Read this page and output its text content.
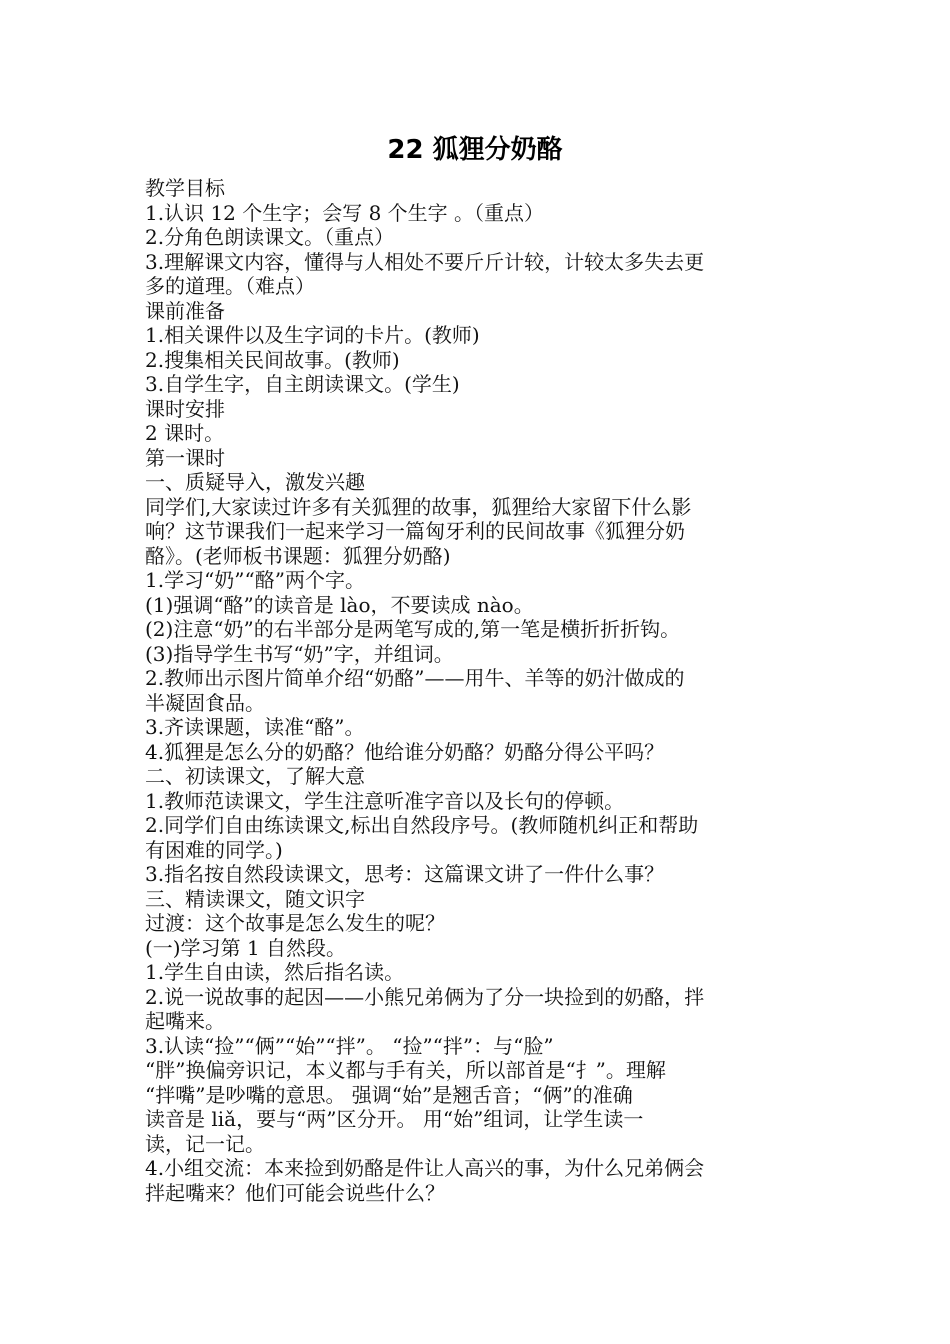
22 狐狸分奶酪
教学目标
1.认识 12 个生字；会写 8 个生字 。（重点）
2.分角色朗读课文。（重点）
3.理解课文内容，懂得与人相处不要斤斤计较，计较太多失去更
多的道理。（难点）
课前准备
1.相关课件以及生字词的卡片。(教师)
2.搜集相关民间故事。(教师)
3.自学生字，自主朗读课文。(学生)
课时安排
2 课时。
第一课时
一、质疑导入，激发兴趣
同学们,大家读过许多有关狐狸的故事，狐狸给大家留下什么影
响？这节课我们一起来学习一篇匈牙利的民间故事《狐狸分奶
酪》。(老师板书课题：狐狸分奶酪)
1.学习“奶”“酪”两个字。
(1)强调“酪”的读音是 lào，不要读成 nào。
(2)注意“奶”的右半部分是两笔写成的,第一笔是横折折折钩。
(3)指导学生书写“奶”字，并组词。
2.教师出示图片简单介绍“奶酪”——用牛、羊等的奶汁做成的
半凝固食品。
3.齐读课题，读准“酪”。
4.狐狸是怎么分的奶酪？他给谁分奶酪？奶酪分得公平吗？
二、初读课文，了解大意
1.教师范读课文，学生注意听准字音以及长句的停顿。
2.同学们自由练读课文,标出自然段序号。(教师随机纠正和帮助
有困难的同学。)
3.指名按自然段读课文，思考：这篇课文讲了一件什么事？
三、精读课文，随文识字
过渡：这个故事是怎么发生的呢？
(一)学习第 1 自然段。
1.学生自由读，然后指名读。
2.说一说故事的起因——小熊兄弟俩为了分一块捡到的奶酪，拌
起嘴来。
3.认读“捡”“俩”“始”“拌”。 “捡”“拌”：与“脸”
“胖”换偏旁识记，本义都与手有关，所以部首是“扌”。理解
“拌嘴”是吵嘴的意思。 强调“始”是翘舌音；“俩”的准确
读音是 liǎ，要与“两”区分开。 用“始”组词，让学生读一
读，记一记。
4.小组交流：本来捡到奶酪是件让人高兴的事，为什么兄弟俩会
拌起嘴来？他们可能会说些什么？
